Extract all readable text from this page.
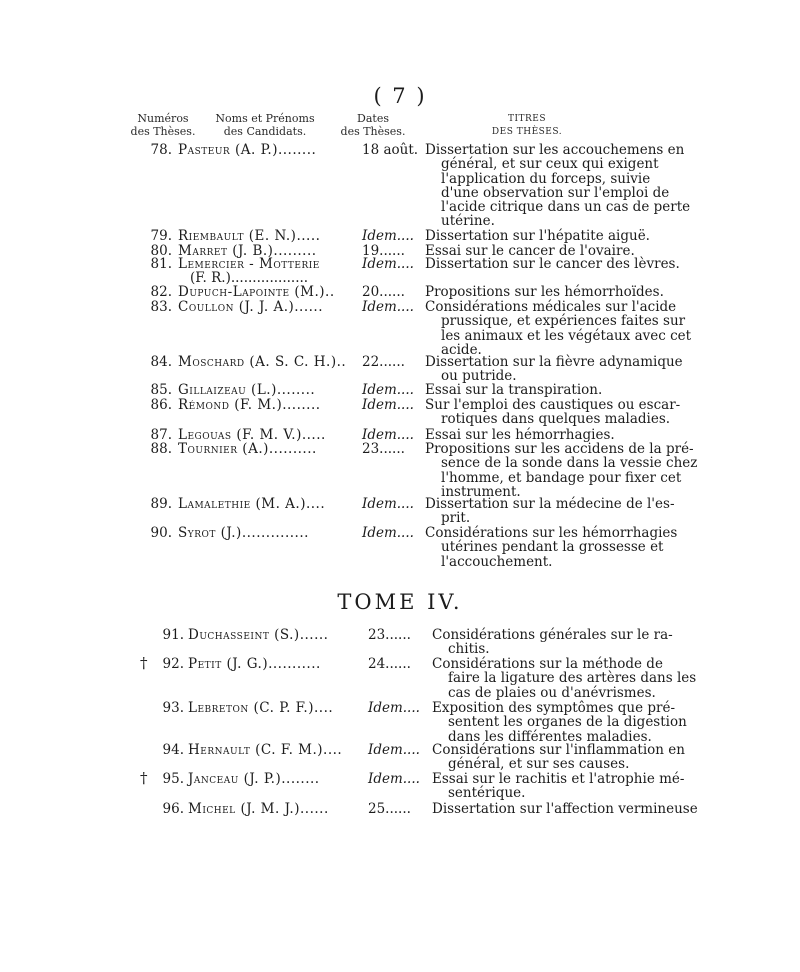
( 7 )
Numéros
des Thèses.
Noms et Prénoms
des Candidats.
Dates
des Thèses.
TITRES
DES THÈSES.
78. Pasteur (A. P.)........	18 août. Dissertation sur les accouchemens en
général, et sur ceux qui exigent
l'application du forceps, suivie
d'une observation sur l'emploi de
l'acide citrique dans un cas de perte
utérine.
79. Riembault (E. N.).....	Idem.... Dissertation sur l'hépatite aiguë.
80. Marret (J. B.).........	19...... Essai sur le cancer de l'ovaire.
81. Lemercier - Motterie
(F. R.)..................
Idem.... Dissertation sur le cancer des lèvres.
82. Dupuch-Lapointe (M.).. 20...... Propositions sur les hémorrhoïdes.
83. Coullon (J. J. A.)......	Idem.... Considérations médicales sur l'acide
prussique, et expériences faites sur
les animaux et les végétaux avec cet
acide.
84. Moschard (A. S. C. H.).. 22...... Dissertation sur la fièvre adynamique
ou putride.
85. Gillaizeau (L.)........	Idem.... Essai sur la transpiration.
86. Rémond (F. M.)........	Idem.... Sur l'emploi des caustiques ou escar-
rotiques dans quelques maladies.
87. Legouas (F. M. V.).....	Idem.... Essai sur les hémorrhagies.
88. Tournier (A.)..........	23...... Propositions sur les accidens de la pré-
sence de la sonde dans la vessie chez
l'homme, et bandage pour fixer cet
instrument.
89. Lamalethie (M. A.)....	Idem.... Dissertation sur la médecine de l'es-
prit.
90. Syrot (J.)..............	Idem.... Considérations sur les hémorrhagies
utérines pendant la grossesse et
l'accouchement.
TOME IV.
91. Duchasseint (S.)......	23...... Considérations générales sur le ra-
chitis.
†	92. Petit (J. G.)...........	24...... Considérations sur la méthode de
faire la ligature des artères dans les
cas de plaies ou d'anévrismes.
93. Lebreton (C. P. F.)....	Idem.... Exposition des symptômes que pré-
sentent les organes de la digestion
dans les différentes maladies.
94. Hernault (C. F. M.).... Idem.... Considérations sur l'inflammation en
général, et sur ses causes.
†	95. Janceau (J. P.)........	Idem.... Essai sur le rachitis et l'atrophie mé-
sentérique.
96. Michel (J. M. J.)......	25...... Dissertation sur l'affection vermineuse
